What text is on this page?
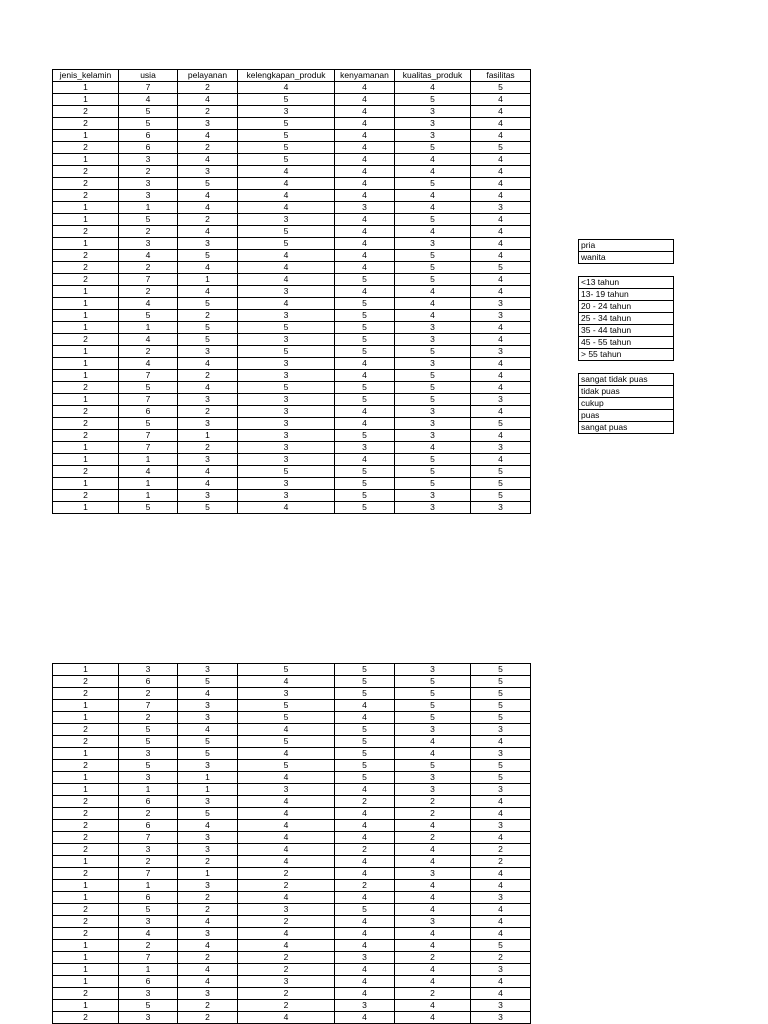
jenis_kelamin	usia	pelayanan	kelengkapan_produk	kenyamanan	kualitas_produk	fasilitas
1	7	2	4	4	4	5
1	4	4	5	4	5	4
2	5	2	3	4	3	4
2	5	3	5	4	3	4
1	6	4	5	4	3	4
2	6	2	5	4	5	5
1	3	4	5	4	4	4
2	2	3	4	4	4	4
2	3	5	4	4	5	4
2	3	4	4	4	4	4
1	1	4	4	3	4	3
1	5	2	3	4	5	4
2	2	4	5	4	4	4
1	3	3	5	4	3	4
2	4	5	4	4	5	4
2	2	4	4	4	5	5
2	7	1	4	5	5	4
1	2	4	3	4	4	4
1	4	5	4	5	4	3
1	5	2	3	5	4	3
1	1	5	5	5	3	4
2	4	5	3	5	3	4
1	2	3	5	5	5	3
1	4	4	3	4	3	4
1	7	2	3	4	5	4
2	5	4	5	5	5	4
1	7	3	3	5	5	3
2	6	2	3	4	3	4
2	5	3	3	4	3	5
2	7	1	3	5	3	4
1	7	2	3	3	4	3
1	1	3	3	4	5	4
2	4	4	5	5	5	5
1	1	4	3	5	5	5
2	1	3	3	5	3	5
1	5	5	4	5	3	3
1	3	3	5	5	3	5
2	6	5	4	5	5	5
2	2	4	3	5	5	5
1	7	3	5	4	5	5
1	2	3	5	4	5	5
2	5	4	4	5	3	3
2	5	5	5	5	4	4
1	3	5	4	5	4	3
2	5	3	5	5	5	5
1	3	1	4	5	3	5
1	1	1	3	4	3	3
2	6	3	4	2	2	4
2	2	5	4	4	2	4
2	6	4	4	4	4	3
2	7	3	4	4	2	4
2	3	3	4	2	4	2
1	2	2	4	4	4	2
2	7	1	2	4	3	4
1	1	3	2	2	4	4
1	6	2	4	4	4	3
2	5	2	3	5	4	4
2	3	4	2	4	3	4
2	4	3	4	4	4	4
1	2	4	4	4	4	5
1	7	2	2	3	2	2
1	1	4	2	4	4	3
1	6	4	3	4	4	4
2	3	3	2	4	2	4
1	5	2	2	3	4	3
2	3	2	4	4	4	3
pria
wanita
<13 tahun
13- 19 tahun
20 - 24 tahun
25 - 34 tahun
35 - 44 tahun
45 - 55 tahun
> 55 tahun
sangat tidak puas
tidak puas
cukup
puas
sangat puas
